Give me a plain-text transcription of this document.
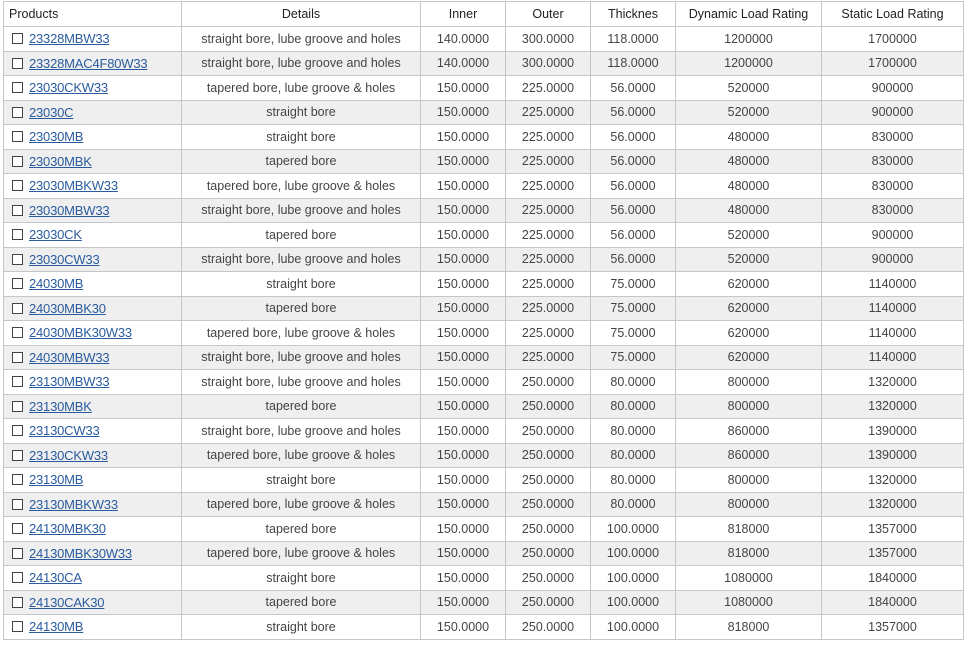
Products	Details	Inner	Outer	Thicknes	Dynamic Load Rating	Static Load Rating
23328MBW33	straight bore, lube groove and holes	140.0000	300.0000	118.0000	1200000	1700000
23328MAC4F80W33	straight bore, lube groove and holes	140.0000	300.0000	118.0000	1200000	1700000
23030CKW33	tapered bore, lube groove & holes	150.0000	225.0000	56.0000	520000	900000
23030C	straight bore	150.0000	225.0000	56.0000	520000	900000
23030MB	straight bore	150.0000	225.0000	56.0000	480000	830000
23030MBK	tapered bore	150.0000	225.0000	56.0000	480000	830000
23030MBKW33	tapered bore, lube groove & holes	150.0000	225.0000	56.0000	480000	830000
23030MBW33	straight bore, lube groove and holes	150.0000	225.0000	56.0000	480000	830000
23030CK	tapered bore	150.0000	225.0000	56.0000	520000	900000
23030CW33	straight bore, lube groove and holes	150.0000	225.0000	56.0000	520000	900000
24030MB	straight bore	150.0000	225.0000	75.0000	620000	1140000
24030MBK30	tapered bore	150.0000	225.0000	75.0000	620000	1140000
24030MBK30W33	tapered bore, lube groove & holes	150.0000	225.0000	75.0000	620000	1140000
24030MBW33	straight bore, lube groove and holes	150.0000	225.0000	75.0000	620000	1140000
23130MBW33	straight bore, lube groove and holes	150.0000	250.0000	80.0000	800000	1320000
23130MBK	tapered bore	150.0000	250.0000	80.0000	800000	1320000
23130CW33	straight bore, lube groove and holes	150.0000	250.0000	80.0000	860000	1390000
23130CKW33	tapered bore, lube groove & holes	150.0000	250.0000	80.0000	860000	1390000
23130MB	straight bore	150.0000	250.0000	80.0000	800000	1320000
23130MBKW33	tapered bore, lube groove & holes	150.0000	250.0000	80.0000	800000	1320000
24130MBK30	tapered bore	150.0000	250.0000	100.0000	818000	1357000
24130MBK30W33	tapered bore, lube groove & holes	150.0000	250.0000	100.0000	818000	1357000
24130CA	straight bore	150.0000	250.0000	100.0000	1080000	1840000
24130CAK30	tapered bore	150.0000	250.0000	100.0000	1080000	1840000
24130MB	straight bore	150.0000	250.0000	100.0000	818000	1357000
